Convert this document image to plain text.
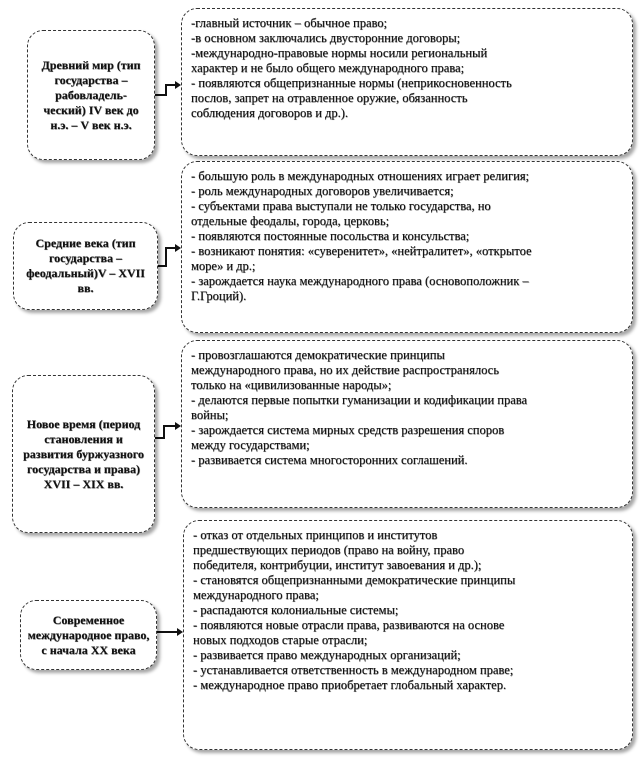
Древний мир (тип государства – рабовладель-ческий) IV век до н.э. – V век н.э.
-главный источник – обычное право;
-в основном заключались двусторонние договоры;
-международно-правовые нормы носили региональный
характер и не было общего международного права;
- появляются общепризнанные нормы (неприкосновенность
послов, запрет на отравленное оружие, обязанность
соблюдения договоров и др.).
Средние века (тип государства – феодальный)V – XVII вв.
- большую роль в международных отношениях играет религия;
- роль международных договоров увеличивается;
- субъектами права выступали не только государства, но
отдельные феодалы, города, церковь;
- появляются постоянные посольства и консульства;
- возникают понятия: «суверенитет», «нейтралитет», «открытое
море» и др.;
- зарождается наука международного права (основоположник –
Г.Гроций).
Новое время (период становления и развития буржуазного государства и права) XVII – XIX вв.
- провозглашаются демократические принципы
международного права, но их действие распространялось
только на «цивилизованные народы»;
- делаются первые попытки гуманизации и кодификации права
войны;
- зарождается система мирных средств разрешения споров
между государствами;
- развивается система многосторонних соглашений.
Современное международное право, с начала XX века
- отказ от отдельных принципов и институтов
предшествующих периодов (право на войну, право
победителя, контрибуции, институт завоевания и др.);
- становятся общепризнанными демократические принципы
международного права;
- распадаются колониальные системы;
- появляются новые отрасли права, развиваются на основе
новых подходов старые отрасли;
- развивается право международных организаций;
- устанавливается ответственность в международном праве;
- международное право приобретает глобальный характер.
